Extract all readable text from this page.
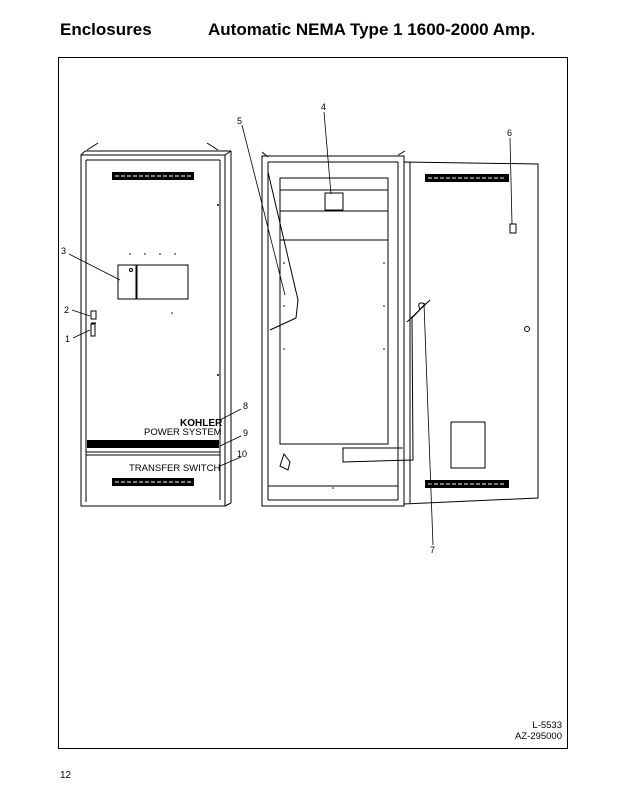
Enclosures	Automatic NEMA Type 1 1600-2000 Amp.
1
2
3
4
5
6
7
8
9
10
KOHLER
POWER SYSTEM
TRANSFER SWITCH
L-5533
AZ-295000
12
